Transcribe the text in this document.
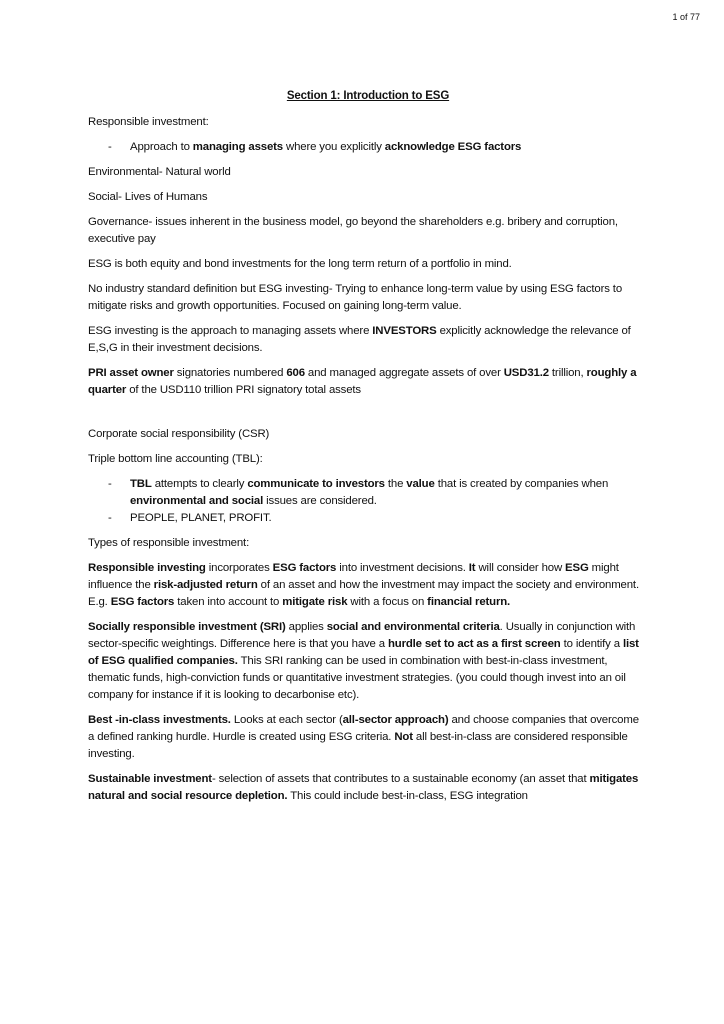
1 of 77
Section 1: Introduction to ESG

Responsible investment:

- Approach to managing assets where you explicitly acknowledge ESG factors

Environmental- Natural world

Social- Lives of Humans

Governance- issues inherent in the business model, go beyond the shareholders e.g. bribery and corruption, executive pay

ESG is both equity and bond investments for the long term return of a portfolio in mind.

No industry standard definition but ESG investing- Trying to enhance long-term value by using ESG factors to mitigate risks and growth opportunities. Focused on gaining long-term value.

ESG investing is the approach to managing assets where INVESTORS explicitly acknowledge the relevance of E,S,G in their investment decisions.

PRI asset owner signatories numbered 606 and managed aggregate assets of over USD31.2 trillion, roughly a quarter of the USD110 trillion PRI signatory total assets

Corporate social responsibility (CSR)

Triple bottom line accounting (TBL):

- TBL attempts to clearly communicate to investors the value that is created by companies when environmental and social issues are considered.
- PEOPLE, PLANET, PROFIT.

Types of responsible investment:

Responsible investing incorporates ESG factors into investment decisions. It will consider how ESG might influence the risk-adjusted return of an asset and how the investment may impact the society and environment. E.g. ESG factors taken into account to mitigate risk with a focus on financial return.

Socially responsible investment (SRI) applies social and environmental criteria. Usually in conjunction with sector-specific weightings. Difference here is that you have a hurdle set to act as a first screen to identify a list of ESG qualified companies. This SRI ranking can be used in combination with best-in-class investment, thematic funds, high-conviction funds or quantitative investment strategies. (you could though invest into an oil company for instance if it is looking to decarbonise etc).

Best -in-class investments. Looks at each sector (all-sector approach) and choose companies that overcome a defined ranking hurdle. Hurdle is created using ESG criteria. Not all best-in-class are considered responsible investing.

Sustainable investment- selection of assets that contributes to a sustainable economy (an asset that mitigates natural and social resource depletion. This could include best-in-class, ESG integration
